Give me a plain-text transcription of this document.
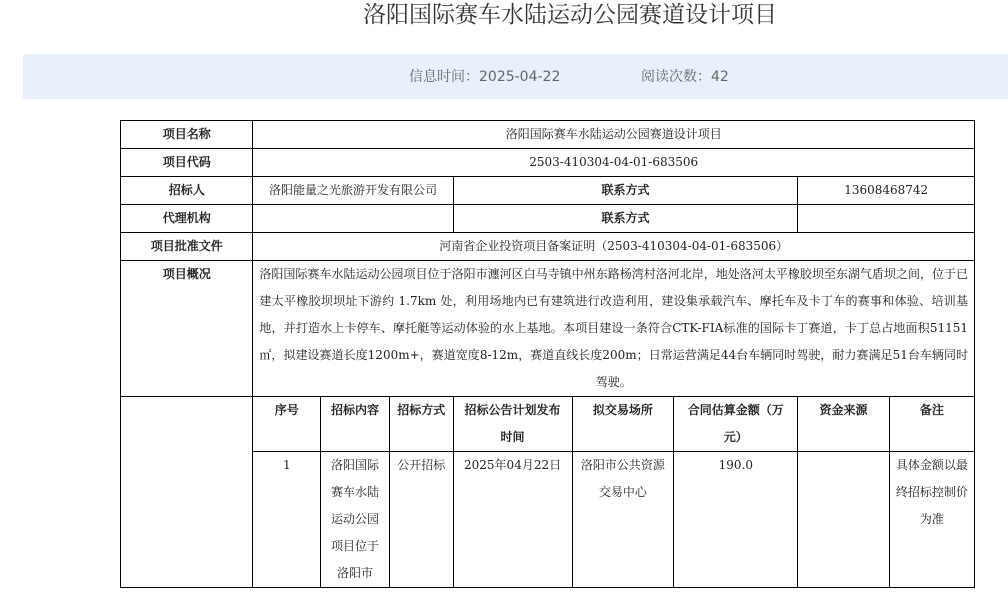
洛阳国际赛车水陆运动公园赛道设计项目
信息时间：2025-04-22	阅读次数：42
项目名称	洛阳国际赛车水陆运动公园赛道设计项目							
项目代码	2503-410304-04-01-683506							
招标人	洛阳能量之光旅游开发有限公司			联系方式			13608468742	
代理机构				联系方式				
项目批准文件	河南省企业投资项目备案证明（2503-410304-04-01-683506）							
项目概况	洛阳国际赛车水陆运动公园项目位于洛阳市瀍河区白马寺镇中州东路杨湾村洛河北岸，地处洛河太平橡胶坝至东湖气盾坝之间，位于已建太平橡胶坝坝址下游约 1.7km 处，利用场地内已有建筑进行改造利用，建设集承载汽车、摩托车及卡丁车的赛事和体验、培训基地，并打造水上卡停车、摩托艇等运动体验的水上基地。本项目建设一条符合CTK-FIA标准的国际卡丁赛道，卡丁总占地面积51151㎡，拟建设赛道长度1200m+，赛道宽度8-12m，赛道直线长度200m；日常运营满足44台车辆同时驾驶，耐力赛满足51台车辆同时驾驶。							
	序号	招标内容	招标方式	招标公告计划发布时间	拟交易场所	合同估算金额（万元）	资金来源	备注
	1	洛阳国际赛车水陆运动公园项目位于洛阳市	公开招标	2025年04月22日	洛阳市公共资源交易中心	190.0		具体金额以最终招标控制价为准
